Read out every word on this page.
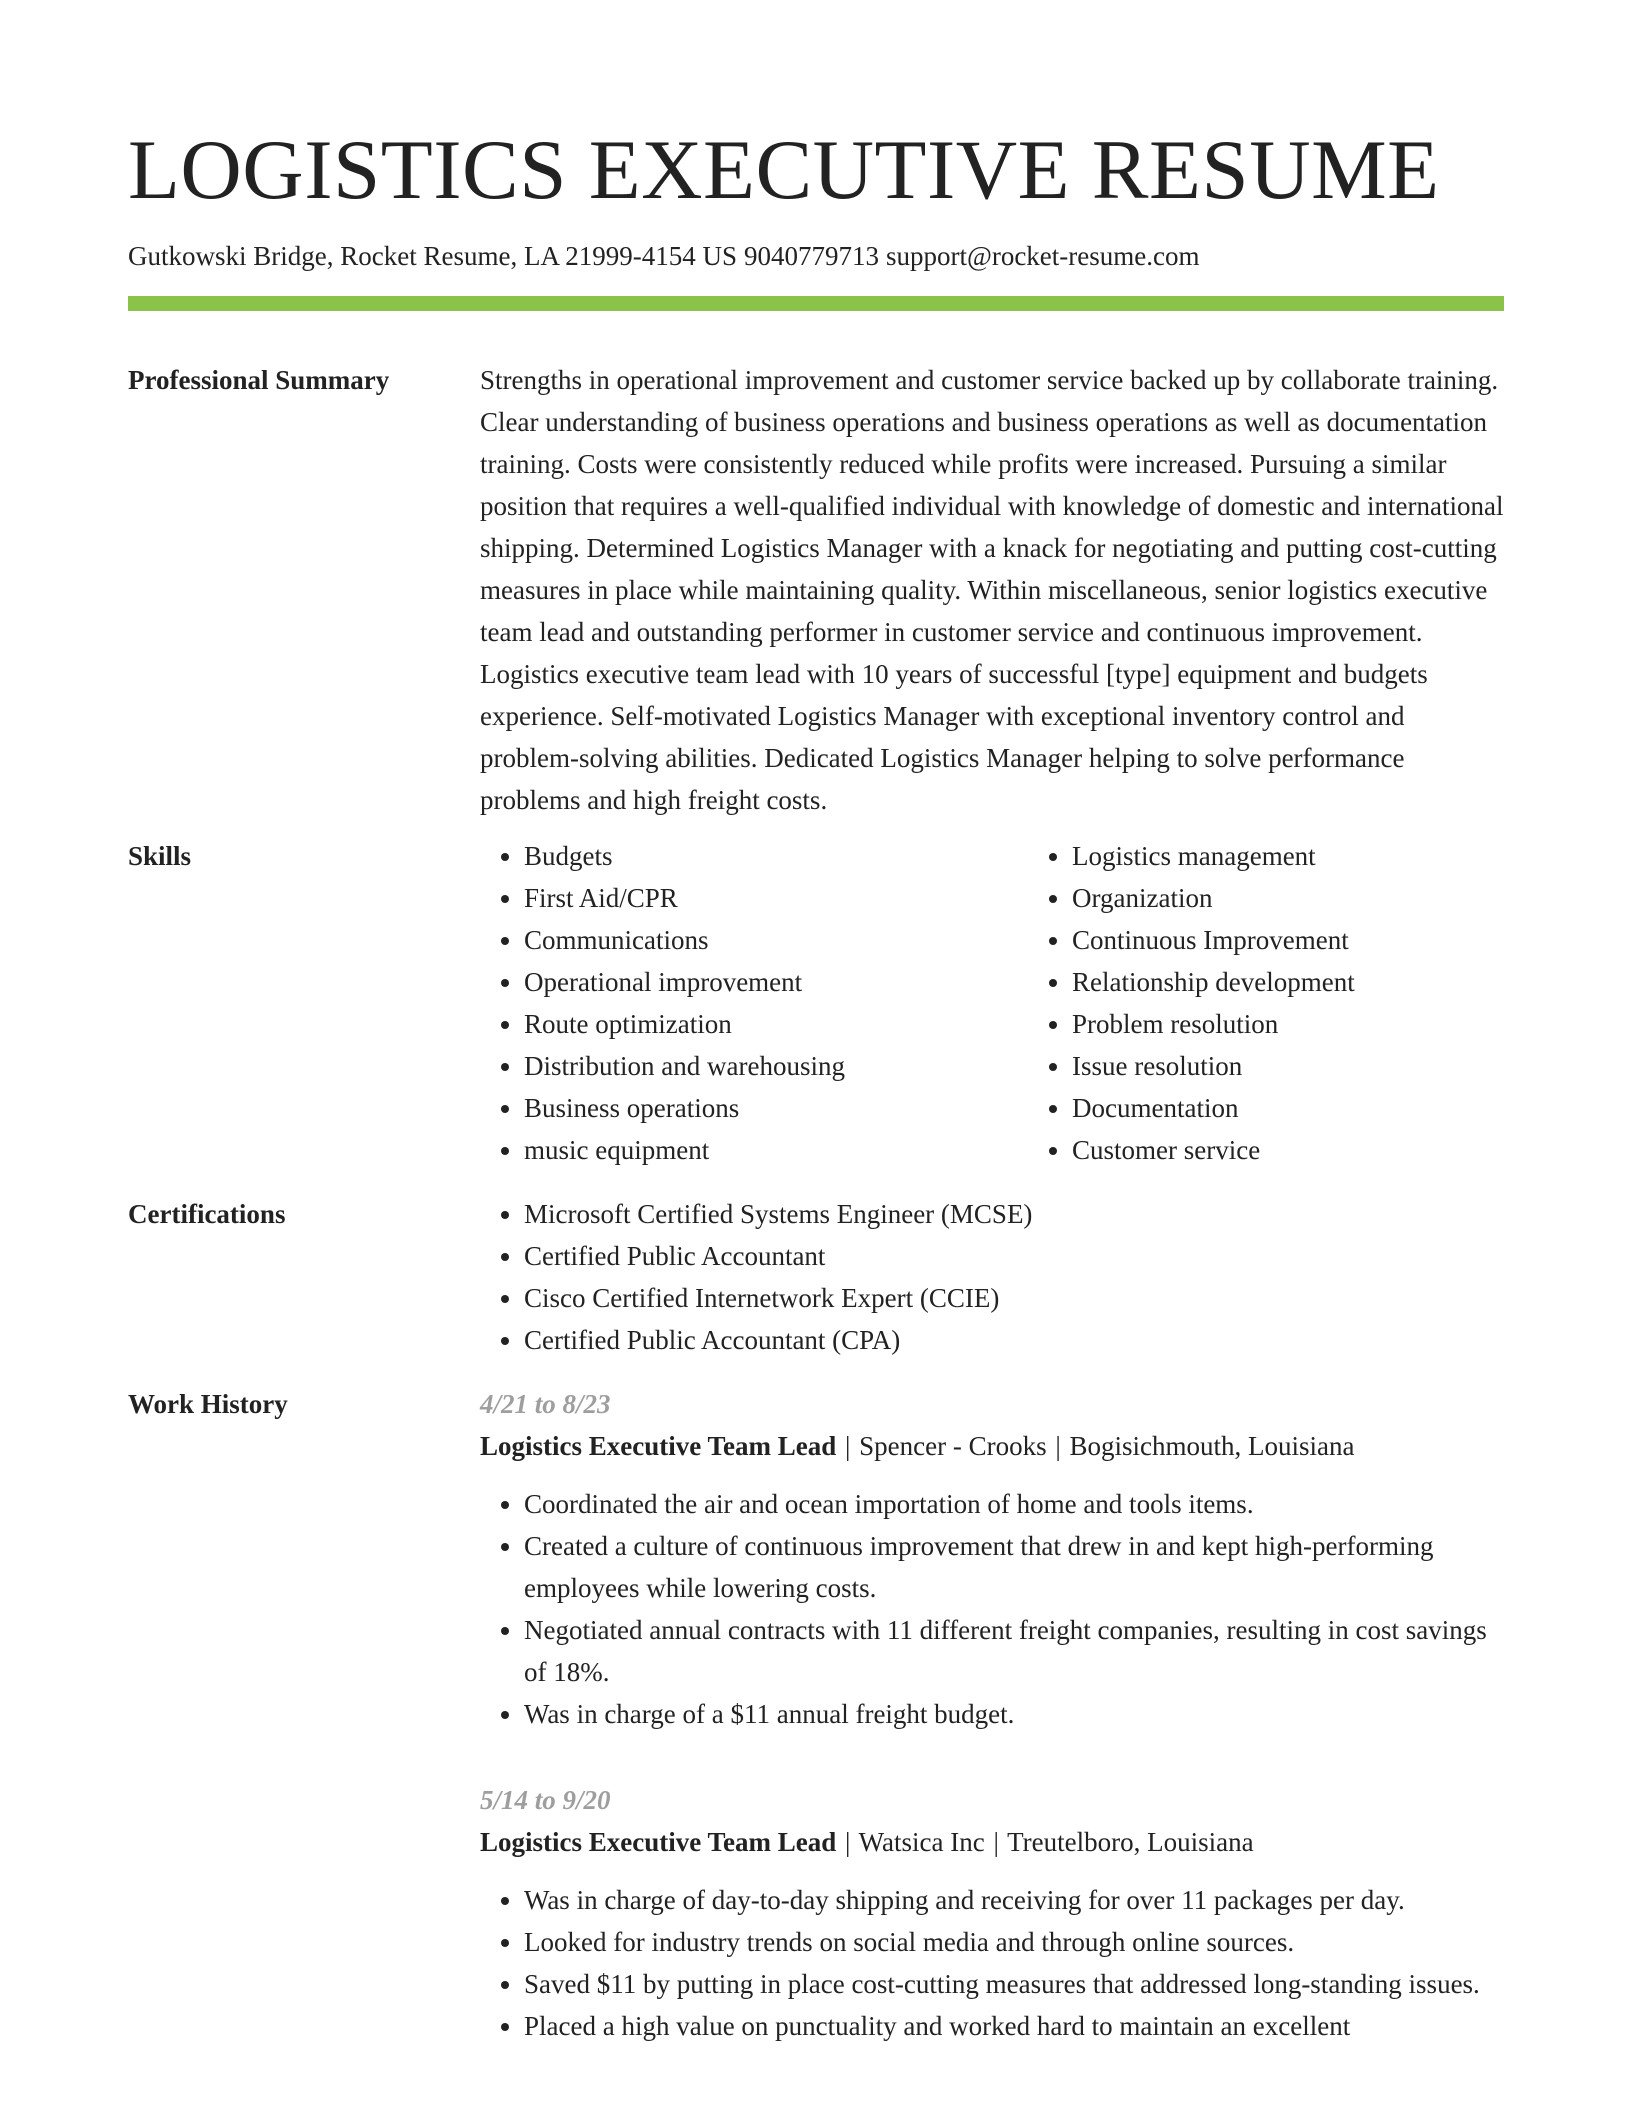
LOGISTICS EXECUTIVE RESUME
Gutkowski Bridge, Rocket Resume, LA 21999-4154 US 9040779713 support@rocket-resume.com
Professional Summary	Strengths in operational improvement and customer service backed up by collaborate training. Clear understanding of business operations and business operations as well as documentation training. Costs were consistently reduced while profits were increased. Pursuing a similar position that requires a well-qualified individual with knowledge of domestic and international shipping. Determined Logistics Manager with a knack for negotiating and putting cost-cutting measures in place while maintaining quality. Within miscellaneous, senior logistics executive team lead and outstanding performer in customer service and continuous improvement. Logistics executive team lead with 10 years of successful [type] equipment and budgets experience. Self-motivated Logistics Manager with exceptional inventory control and problem-solving abilities. Dedicated Logistics Manager helping to solve performance problems and high freight costs.

Skills	• Budgets
• First Aid/CPR
• Communications
• Operational improvement
• Route optimization
• Distribution and warehousing
• Business operations
• music equipment
• Logistics management
• Organization
• Continuous Improvement
• Relationship development
• Problem resolution
• Issue resolution
• Documentation
• Customer service
Certifications	• Microsoft Certified Systems Engineer (MCSE)
• Certified Public Accountant
• Cisco Certified Internetwork Expert (CCIE)
• Certified Public Accountant (CPA)
Work History	4/21 to 8/23
Logistics Executive Team Lead | Spencer - Crooks | Bogisichmouth, Louisiana
• Coordinated the air and ocean importation of home and tools items.
• Created a culture of continuous improvement that drew in and kept high-performing employees while lowering costs.
• Negotiated annual contracts with 11 different freight companies, resulting in cost savings of 18%.
• Was in charge of a $11 annual freight budget.
5/14 to 9/20
Logistics Executive Team Lead | Watsica Inc | Treutelboro, Louisiana
• Was in charge of day-to-day shipping and receiving for over 11 packages per day.
• Looked for industry trends on social media and through online sources.
• Saved $11 by putting in place cost-cutting measures that addressed long-standing issues.
• Placed a high value on punctuality and worked hard to maintain an excellent
